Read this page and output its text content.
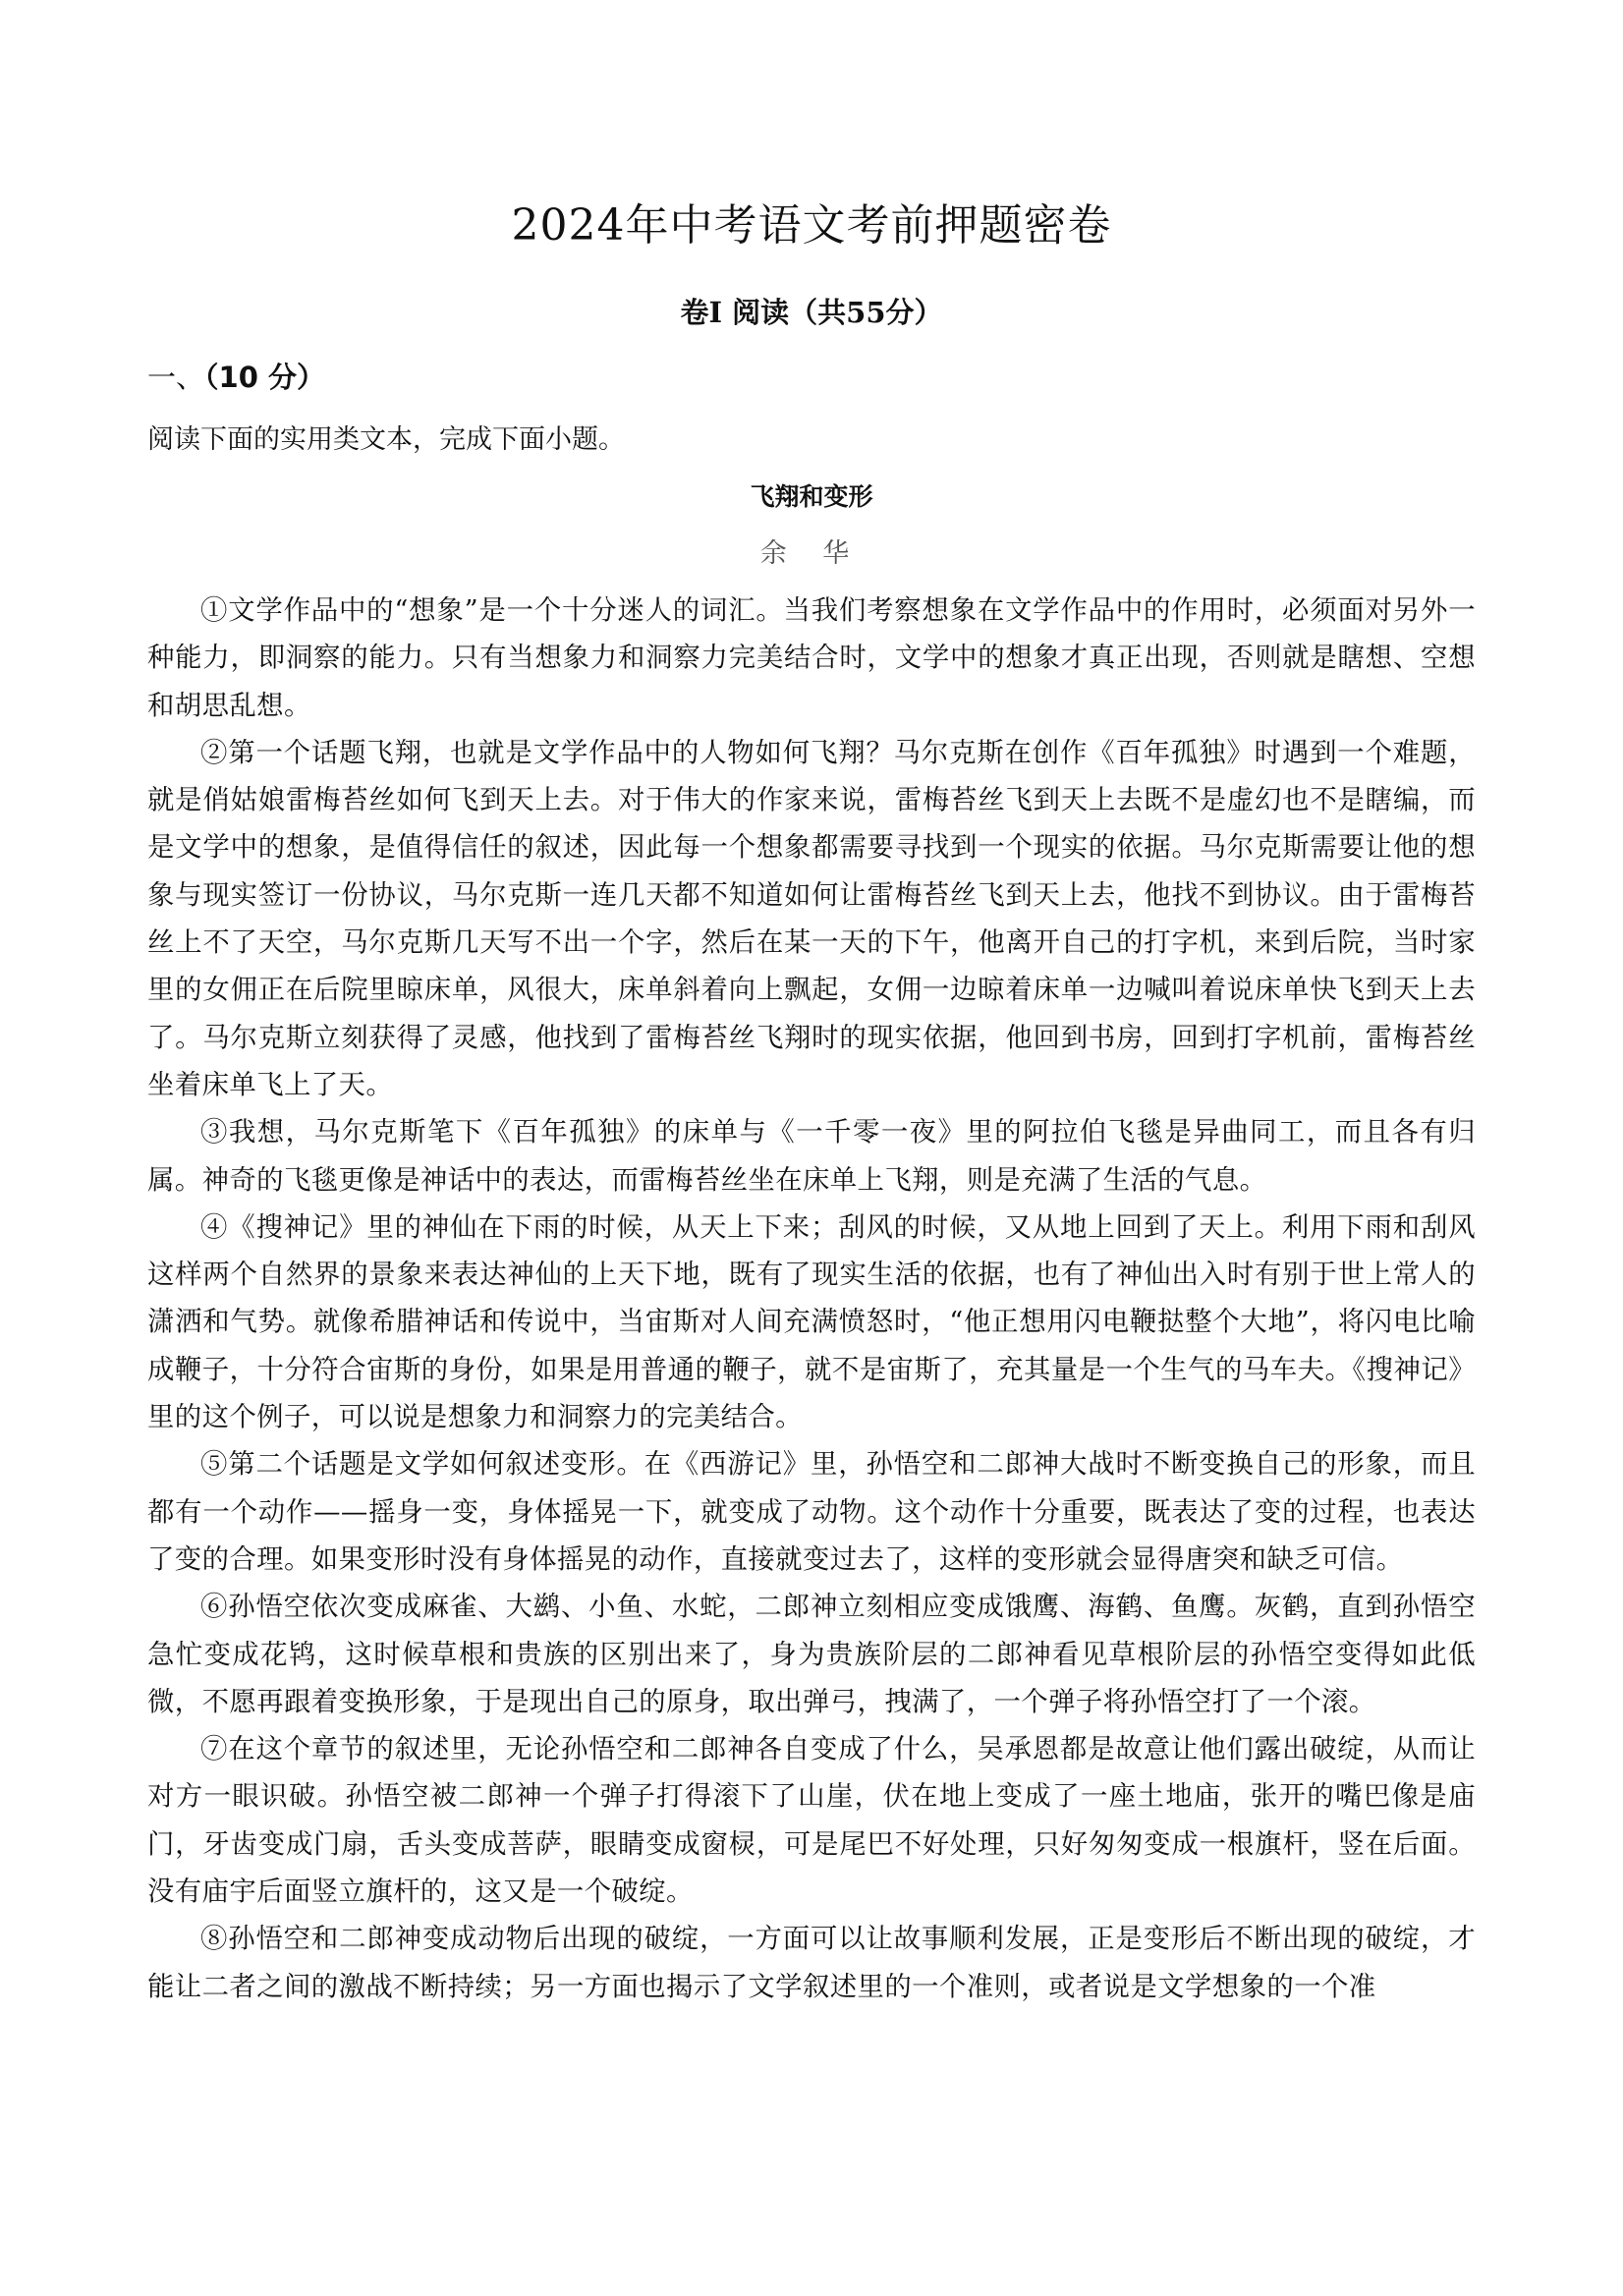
2024年中考语文考前押题密卷
卷Ⅰ 阅读（共55分）
一、（10 分）

阅读下面的实用类文本，完成下面小题。

飞翔和变形

余 华

①文学作品中的“想象”是一个十分迷人的词汇。当我们考察想象在文学作品中的作用时，必须面对另外一种能力，即洞察的能力。只有当想象力和洞察力完美结合时，文学中的想象才真正出现，否则就是瞎想、空想和胡思乱想。

②第一个话题飞翔，也就是文学作品中的人物如何飞翔？马尔克斯在创作《百年孤独》时遇到一个难题，就是俏姑娘雷梅苔丝如何飞到天上去。对于伟大的作家来说，雷梅苔丝飞到天上去既不是虚幻也不是瞎编，而是文学中的想象，是值得信任的叙述，因此每一个想象都需要寻找到一个现实的依据。马尔克斯需要让他的想象与现实签订一份协议，马尔克斯一连几天都不知道如何让雷梅苔丝飞到天上去，他找不到协议。由于雷梅苔丝上不了天空，马尔克斯几天写不出一个字，然后在某一天的下午，他离开自己的打字机，来到后院，当时家里的女佣正在后院里晾床单，风很大，床单斜着向上飘起，女佣一边晾着床单一边喊叫着说床单快飞到天上去了。马尔克斯立刻获得了灵感，他找到了雷梅苔丝飞翔时的现实依据，他回到书房，回到打字机前，雷梅苔丝坐着床单飞上了天。

③我想，马尔克斯笔下《百年孤独》的床单与《一千零一夜》里的阿拉伯飞毯是异曲同工，而且各有归属。神奇的飞毯更像是神话中的表达，而雷梅苔丝坐在床单上飞翔，则是充满了生活的气息。

④《搜神记》里的神仙在下雨的时候，从天上下来；刮风的时候，又从地上回到了天上。利用下雨和刮风这样两个自然界的景象来表达神仙的上天下地，既有了现实生活的依据，也有了神仙出入时有别于世上常人的潇洒和气势。就像希腊神话和传说中，当宙斯对人间充满愤怒时，“他正想用闪电鞭挞整个大地”，将闪电比喻成鞭子，十分符合宙斯的身份，如果是用普通的鞭子，就不是宙斯了，充其量是一个生气的马车夫。《搜神记》里的这个例子，可以说是想象力和洞察力的完美结合。

⑤第二个话题是文学如何叙述变形。在《西游记》里，孙悟空和二郎神大战时不断变换自己的形象，而且都有一个动作——摇身一变，身体摇晃一下，就变成了动物。这个动作十分重要，既表达了变的过程，也表达了变的合理。如果变形时没有身体摇晃的动作，直接就变过去了，这样的变形就会显得唐突和缺乏可信。

⑥孙悟空依次变成麻雀、大鹚、小鱼、水蛇，二郎神立刻相应变成饿鹰、海鹤、鱼鹰。灰鹤，直到孙悟空急忙变成花鸨，这时候草根和贵族的区别出来了，身为贵族阶层的二郎神看见草根阶层的孙悟空变得如此低微，不愿再跟着变换形象，于是现出自己的原身，取出弹弓，拽满了，一个弹子将孙悟空打了一个滚。

⑦在这个章节的叙述里，无论孙悟空和二郎神各自变成了什么，吴承恩都是故意让他们露出破绽，从而让对方一眼识破。孙悟空被二郎神一个弹子打得滚下了山崖，伏在地上变成了一座土地庙，张开的嘴巴像是庙门，牙齿变成门扇，舌头变成菩萨，眼睛变成窗棂，可是尾巴不好处理，只好匆匆变成一根旗杆，竖在后面。没有庙宇后面竖立旗杆的，这又是一个破绽。

⑧孙悟空和二郎神变成动物后出现的破绽，一方面可以让故事顺利发展，正是变形后不断出现的破绽，才能让二者之间的激战不断持续；另一方面也揭示了文学叙述里的一个准则，或者说是文学想象的一个准
